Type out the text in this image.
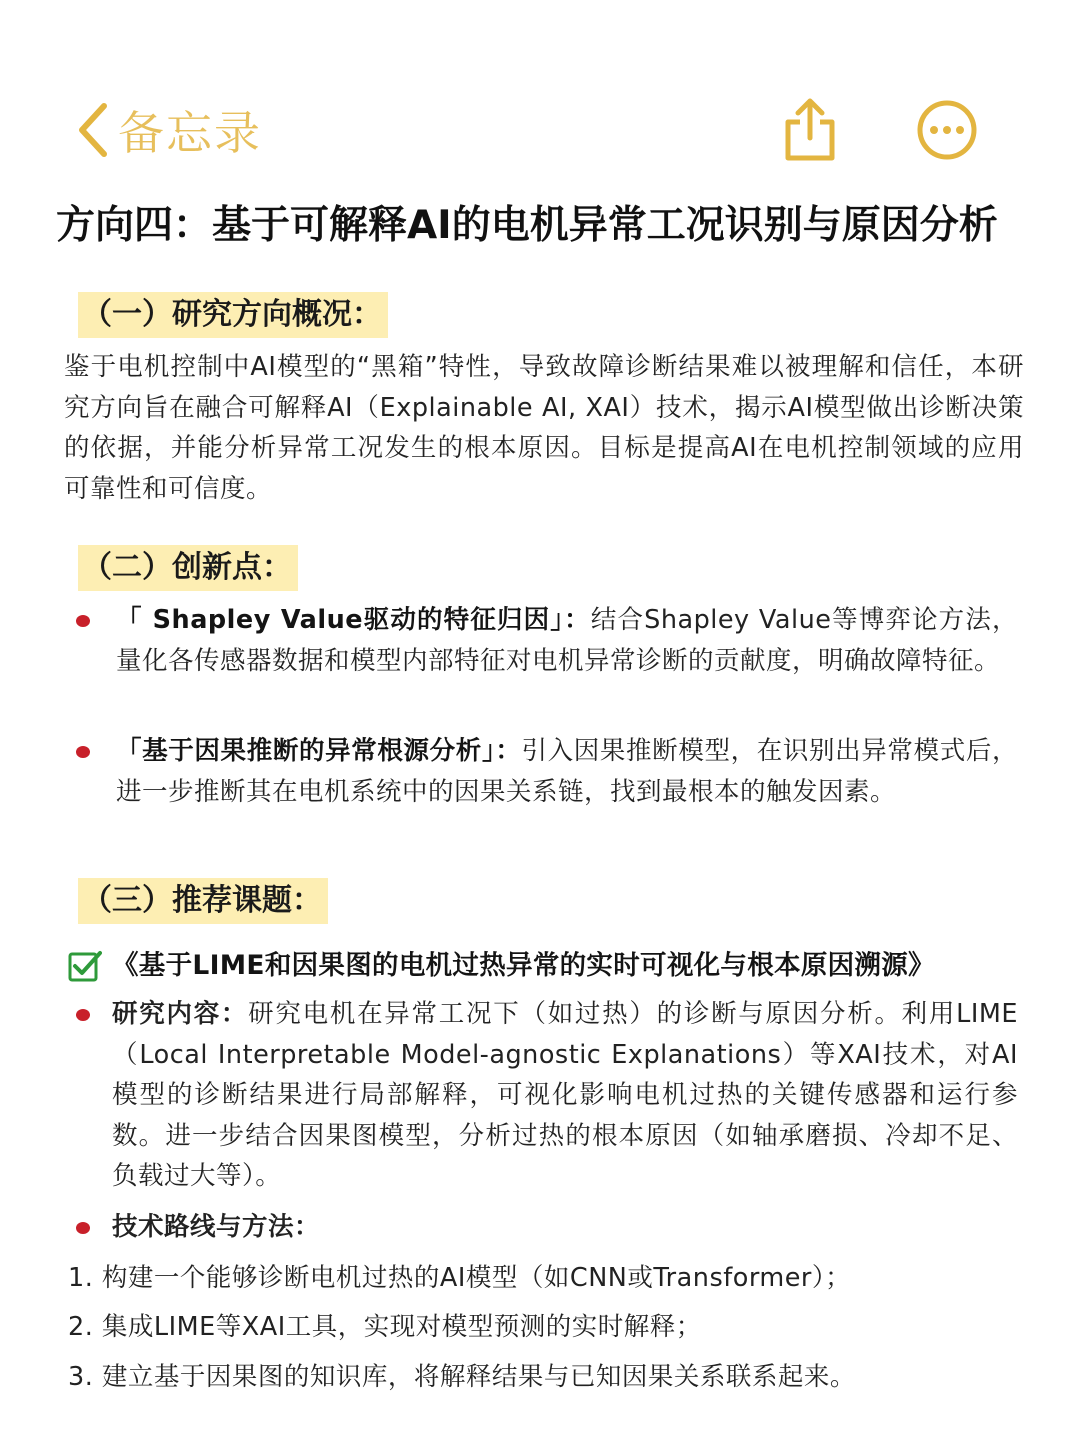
备忘录
方向四：基于可解释AI的电机异常工况识别与原因分析
（一）研究方向概况：
鉴于电机控制中AI模型的“黑箱”特性，导致故障诊断结果难以被理解和信任，本研究方向旨在融合可解释AI（Explainable AI, XAI）技术，揭示AI模型做出诊断决策的依据，并能分析异常工况发生的根本原因。目标是提高AI在电机控制领域的应用可靠性和可信度。
（二）创新点：
「 Shapley Value驱动的特征归因」：结合Shapley Value等博弈论方法，量化各传感器数据和模型内部特征对电机异常诊断的贡献度，明确故障特征。
「基于因果推断的异常根源分析」：引入因果推断模型，在识别出异常模式后，进一步推断其在电机系统中的因果关系链，找到最根本的触发因素。
（三）推荐课题：
《基于LIME和因果图的电机过热异常的实时可视化与根本原因溯源》
研究内容：研究电机在异常工况下（如过热）的诊断与原因分析。利用LIME（Local Interpretable Model-agnostic Explanations）等XAI技术，对AI模型的诊断结果进行局部解释，可视化影响电机过热的关键传感器和运行参数。进一步结合因果图模型，分析过热的根本原因（如轴承磨损、冷却不足、负载过大等）。
技术路线与方法：
1. 构建一个能够诊断电机过热的AI模型（如CNN或Transformer）；
2. 集成LIME等XAI工具，实现对模型预测的实时解释；
3. 建立基于因果图的知识库，将解释结果与已知因果关系联系起来。
